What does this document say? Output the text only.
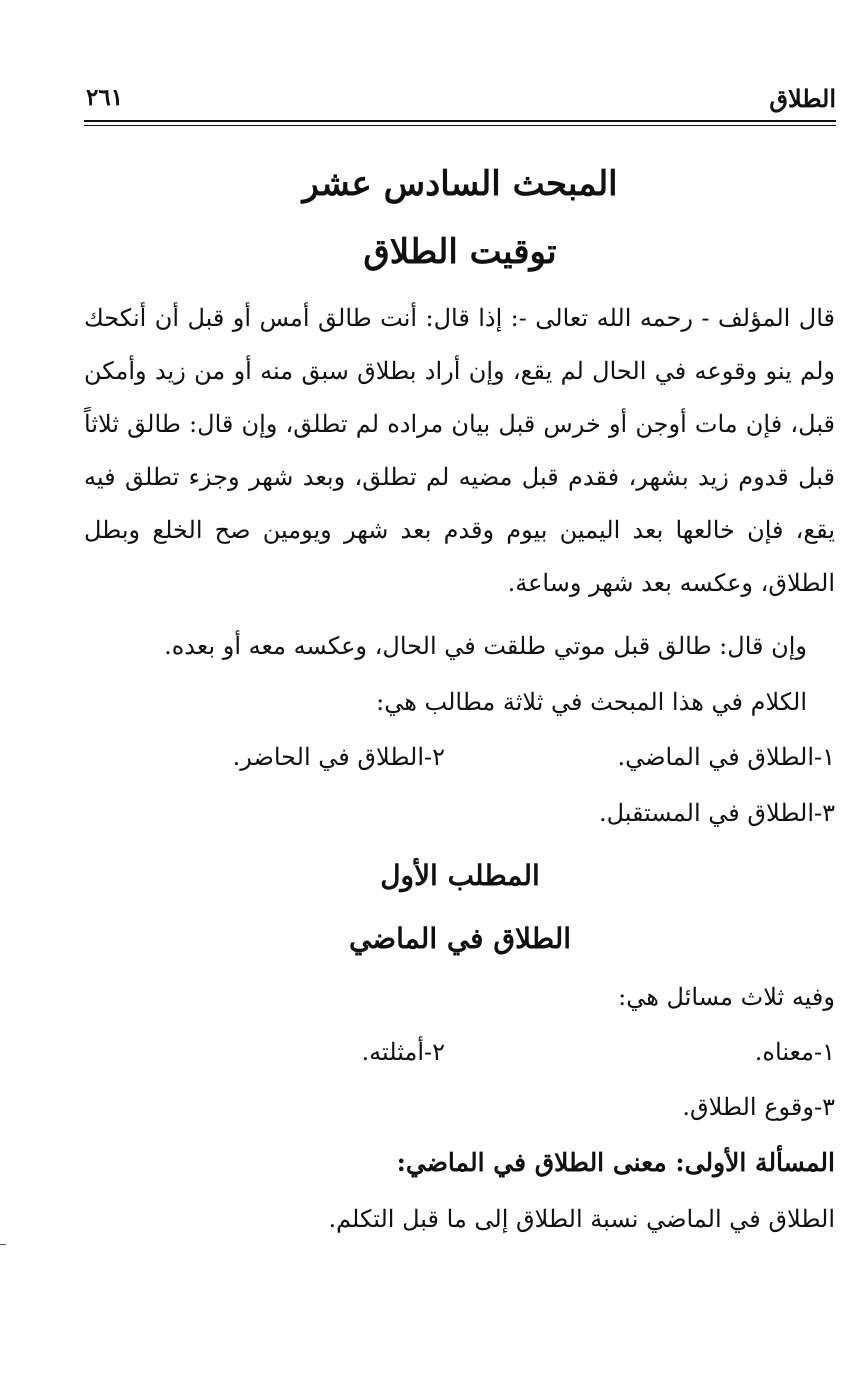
الطلاق
٢٦١
المبحث السادس عشر
توقيت الطلاق
قال المؤلف - رحمه الله تعالى -: إذا قال: أنت طالق أمس أو قبل أن أنكحك ولم ينو وقوعه في الحال لم يقع، وإن أراد بطلاق سبق منه أو من زيد وأمكن قبل، فإن مات أوجن أو خرس قبل بيان مراده لم تطلق، وإن قال: طالق ثلاثاً قبل قدوم زيد بشهر، فقدم قبل مضيه لم تطلق، وبعد شهر وجزء تطلق فيه يقع، فإن خالعها بعد اليمين بيوم وقدم بعد شهر ويومين صح الخلع وبطل الطلاق، وعكسه بعد شهر وساعة.
وإن قال: طالق قبل موتي طلقت في الحال، وعكسه معه أو بعده.
الكلام في هذا المبحث في ثلاثة مطالب هي:
١-الطلاق في الماضي.
٢-الطلاق في الحاضر.
٣-الطلاق في المستقبل.
المطلب الأول
الطلاق في الماضي
وفيه ثلاث مسائل هي:
١-معناه.
٢-أمثلته.
٣-وقوع الطلاق.
المسألة الأولى: معنى الطلاق في الماضي:
الطلاق في الماضي نسبة الطلاق إلى ما قبل التكلم.
